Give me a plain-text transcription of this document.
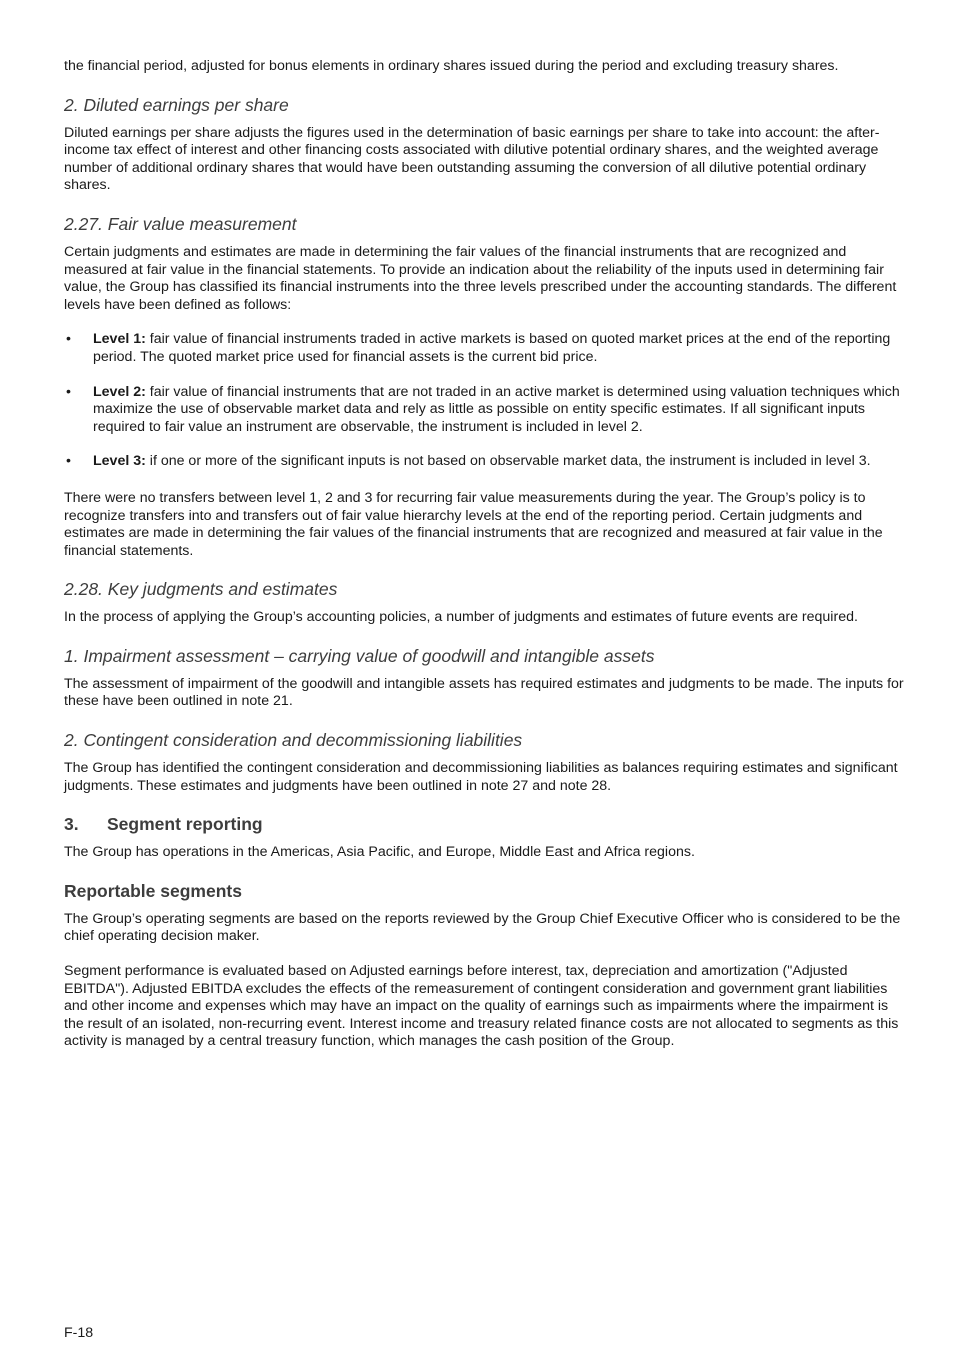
the financial period, adjusted for bonus elements in ordinary shares issued during the period and excluding treasury shares.

2. Diluted earnings per share

Diluted earnings per share adjusts the figures used in the determination of basic earnings per share to take into account: the after-income tax effect of interest and other financing costs associated with dilutive potential ordinary shares, and the weighted average number of additional ordinary shares that would have been outstanding assuming the conversion of all dilutive potential ordinary shares.

2.27. Fair value measurement

Certain judgments and estimates are made in determining the fair values of the financial instruments that are recognized and measured at fair value in the financial statements. To provide an indication about the reliability of the inputs used in determining fair value, the Group has classified its financial instruments into the three levels prescribed under the accounting standards. The different levels have been defined as follows:

• Level 1: fair value of financial instruments traded in active markets is based on quoted market prices at the end of the reporting period. The quoted market price used for financial assets is the current bid price.
• Level 2: fair value of financial instruments that are not traded in an active market is determined using valuation techniques which maximize the use of observable market data and rely as little as possible on entity specific estimates. If all significant inputs required to fair value an instrument are observable, the instrument is included in level 2.
• Level 3: if one or more of the significant inputs is not based on observable market data, the instrument is included in level 3.

There were no transfers between level 1, 2 and 3 for recurring fair value measurements during the year. The Group’s policy is to recognize transfers into and transfers out of fair value hierarchy levels at the end of the reporting period. Certain judgments and estimates are made in determining the fair values of the financial instruments that are recognized and measured at fair value in the financial statements.

2.28. Key judgments and estimates

In the process of applying the Group’s accounting policies, a number of judgments and estimates of future events are required.

1. Impairment assessment – carrying value of goodwill and intangible assets

The assessment of impairment of the goodwill and intangible assets has required estimates and judgments to be made. The inputs for these have been outlined in note 21.

2. Contingent consideration and decommissioning liabilities

The Group has identified the contingent consideration and decommissioning liabilities as balances requiring estimates and significant judgments. These estimates and judgments have been outlined in note 27 and note 28.

3. Segment reporting

The Group has operations in the Americas, Asia Pacific, and Europe, Middle East and Africa regions.

Reportable segments

The Group’s operating segments are based on the reports reviewed by the Group Chief Executive Officer who is considered to be the chief operating decision maker.

Segment performance is evaluated based on Adjusted earnings before interest, tax, depreciation and amortization ("Adjusted EBITDA"). Adjusted EBITDA excludes the effects of the remeasurement of contingent consideration and government grant liabilities and other income and expenses which may have an impact on the quality of earnings such as impairments where the impairment is the result of an isolated, non-recurring event. Interest income and treasury related finance costs are not allocated to segments as this activity is managed by a central treasury function, which manages the cash position of the Group.

F-18
